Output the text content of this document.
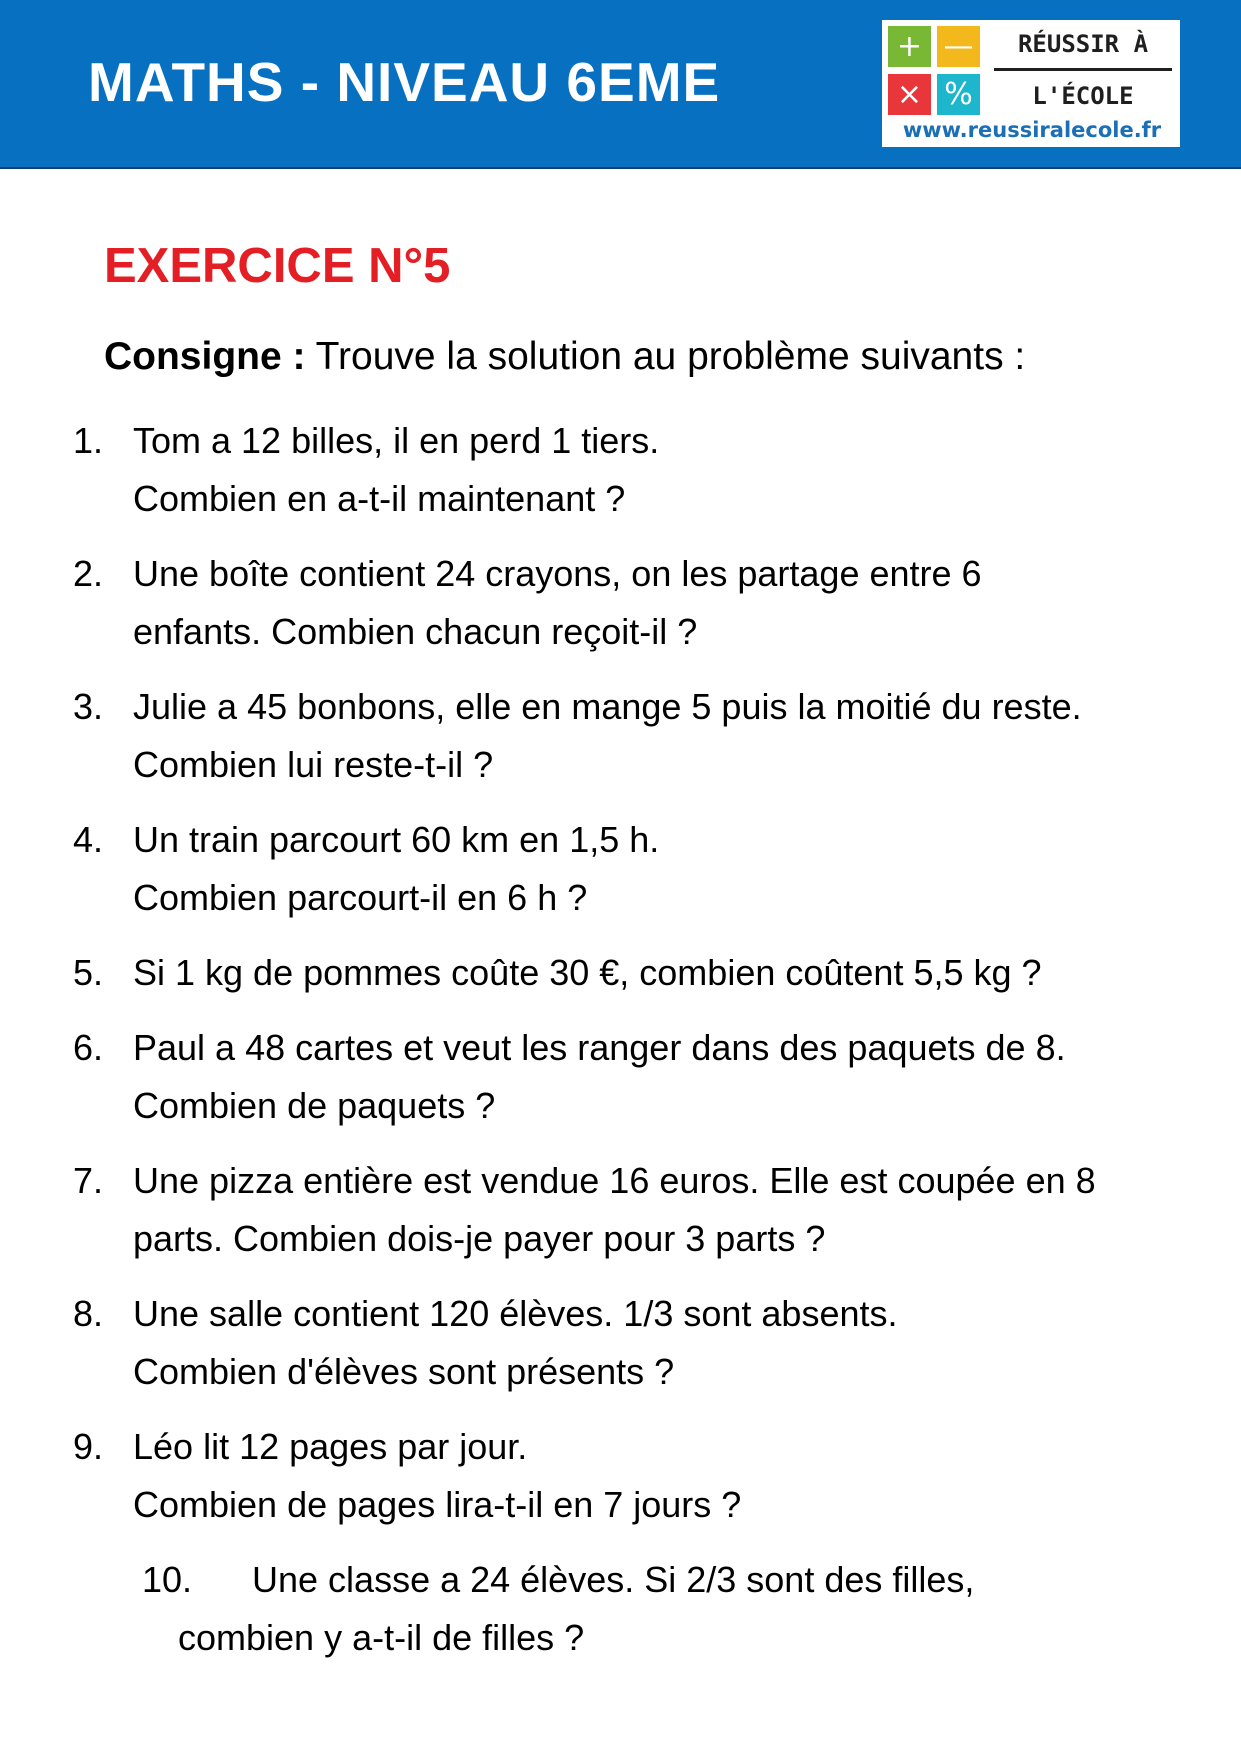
MATHS - NIVEAU 6EME
+ —
× %
RÉUSSIR À
L'ÉCOLE
www.reussiralecole.fr
EXERCICE N°5
Consigne : Trouve la solution au problème suivants :
1. Tom a 12 billes, il en perd 1 tiers.
Combien en a-t-il maintenant ?
2. Une boîte contient 24 crayons, on les partage entre 6
enfants. Combien chacun reçoit-il ?
3. Julie a 45 bonbons, elle en mange 5 puis la moitié du reste.
Combien lui reste-t-il ?
4. Un train parcourt 60 km en 1,5 h.
Combien parcourt-il en 6 h ?
5. Si 1 kg de pommes coûte 30 €, combien coûtent 5,5 kg ?
6. Paul a 48 cartes et veut les ranger dans des paquets de 8.
Combien de paquets ?
7. Une pizza entière est vendue 16 euros. Elle est coupée en 8
parts. Combien dois-je payer pour 3 parts ?
8. Une salle contient 120 élèves. 1/3 sont absents.
Combien d'élèves sont présents ?
9. Léo lit 12 pages par jour.
Combien de pages lira-t-il en 7 jours ?
10.	Une classe a 24 élèves. Si 2/3 sont des filles,
combien y a-t-il de filles ?
